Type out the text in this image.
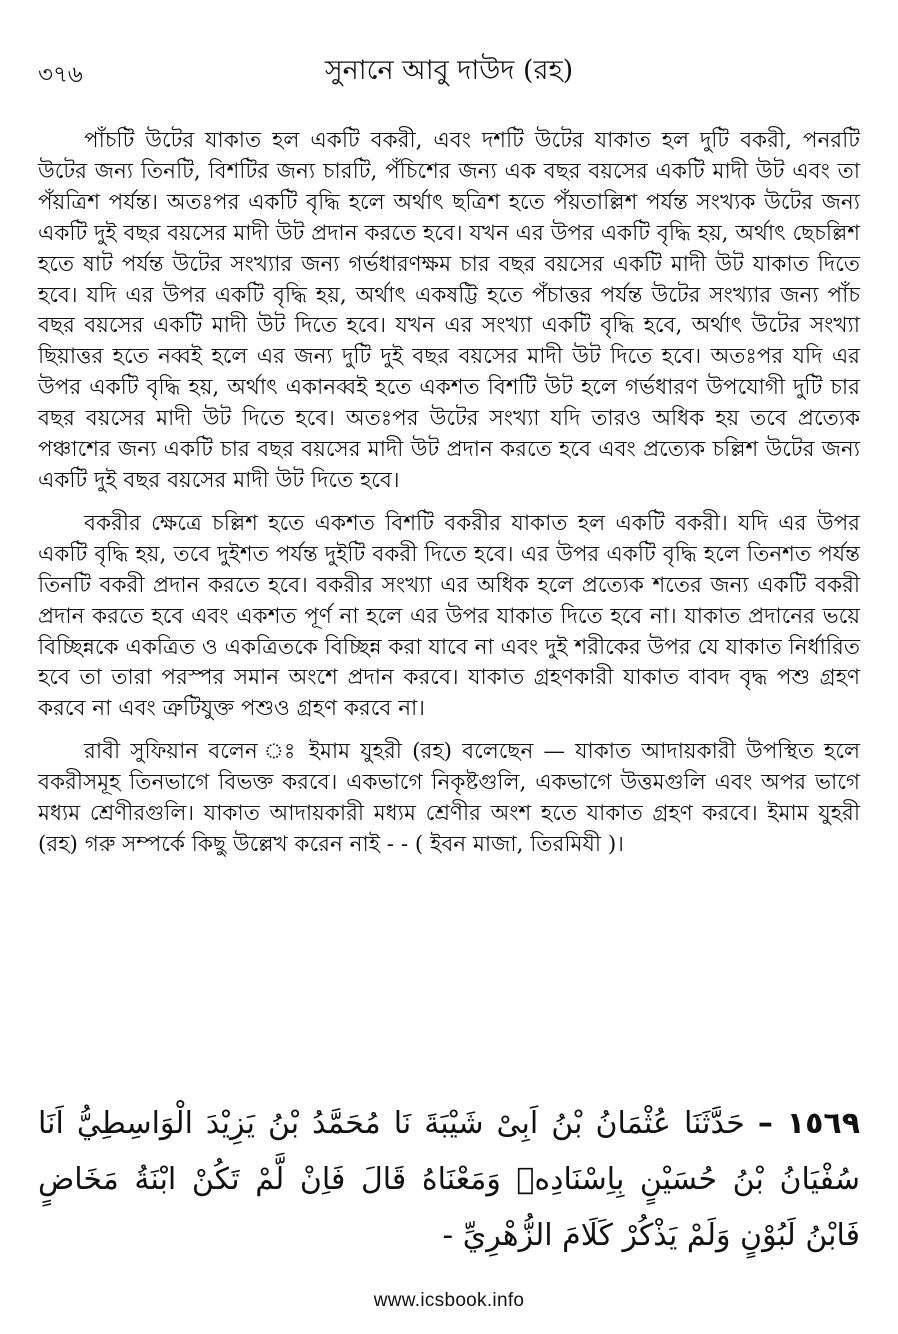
৩৭৬	সুনানে আবু দাউদ (রহ)

পাঁচটি উটের যাকাত হল একটি বকরী, এবং দশটি উটের যাকাত হল দুটি বকরী, পনরটি উটের জন্য তিনটি, বিশটির জন্য চারটি, পঁচিশের জন্য এক বছর বয়সের একটি মাদী উট এবং তা পঁয়ত্রিশ পর্যন্ত। অতঃপর একটি বৃদ্ধি হলে অর্থাৎ ছত্রিশ হতে পঁয়তাল্লিশ পর্যন্ত সংখ্যক উটের জন্য একটি দুই বছর বয়সের মাদী উট প্রদান করতে হবে। যখন এর উপর একটি বৃদ্ধি হয়, অর্থাৎ ছেচল্লিশ হতে ষাট পর্যন্ত উটের সংখ্যার জন্য গর্ভধারণক্ষম চার বছর বয়সের একটি মাদী উট যাকাত দিতে হবে। যদি এর উপর একটি বৃদ্ধি হয়, অর্থাৎ একষট্টি হতে পঁচাত্তর পর্যন্ত উটের সংখ্যার জন্য পাঁচ বছর বয়সের একটি মাদী উট দিতে হবে। যখন এর সংখ্যা একটি বৃদ্ধি হবে, অর্থাৎ উটের সংখ্যা ছিয়াত্তর হতে নব্বই হলে এর জন্য দুটি দুই বছর বয়সের মাদী উট দিতে হবে। অতঃপর যদি এর উপর একটি বৃদ্ধি হয়, অর্থাৎ একানব্বই হতে একশত বিশটি উট হলে গর্ভধারণ উপযোগী দুটি চার বছর বয়সের মাদী উট দিতে হবে। অতঃপর উটের সংখ্যা যদি তারও অধিক হয় তবে প্রত্যেক পঞ্চাশের জন্য একটি চার বছর বয়সের মাদী উট প্রদান করতে হবে এবং প্রত্যেক চল্লিশ উটের জন্য একটি দুই বছর বয়সের মাদী উট দিতে হবে।

বকরীর ক্ষেত্রে চল্লিশ হতে একশত বিশটি বকরীর যাকাত হল একটি বকরী। যদি এর উপর একটি বৃদ্ধি হয়, তবে দুইশত পর্যন্ত দুইটি বকরী দিতে হবে। এর উপর একটি বৃদ্ধি হলে তিনশত পর্যন্ত তিনটি বকরী প্রদান করতে হবে। বকরীর সংখ্যা এর অধিক হলে প্রত্যেক শতের জন্য একটি বকরী প্রদান করতে হবে এবং একশত পূর্ণ না হলে এর উপর যাকাত দিতে হবে না। যাকাত প্রদানের ভয়ে বিচ্ছিন্নকে একত্রিত ও একত্রিতকে বিচ্ছিন্ন করা যাবে না এবং দুই শরীকের উপর যে যাকাত নির্ধারিত হবে তা তারা পরস্পর সমান অংশে প্রদান করবে। যাকাত গ্রহণকারী যাকাত বাবদ বৃদ্ধ পশু গ্রহণ করবে না এবং ত্রুটিযুক্ত পশুও গ্রহণ করবে না।

রাবী সুফিয়ান বলেন ঃ ইমাম যুহরী (রহ) বলেছেন — যাকাত আদায়কারী উপস্থিত হলে বকরীসমূহ তিনভাগে বিভক্ত করবে। একভাগে নিকৃষ্টগুলি, একভাগে উত্তমগুলি এবং অপর ভাগে মধ্যম শ্রেণীরগুলি। যাকাত আদায়কারী মধ্যম শ্রেণীর অংশ হতে যাকাত গ্রহণ করবে। ইমাম যুহরী (রহ) গরু সম্পর্কে কিছু উল্লেখ করেন নাই - - ( ইবন মাজা, তিরমিযী )।

١٥٦٩ – حَدَّثَنَا عُثْمَانُ بْنُ اَبِىْ شَيْبَةَ نَا مُحَمَّدُ بْنُ يَزِيْدَ الْوَاسِطِيُّ اَنَا سُفْيَانُ بْنُ حُسَيْنٍ بِاِسْنَادِهٖ وَمَعْنَاهُ قَالَ فَاِنْ لَّمْ تَكُنْ ابْنَةُ مَخَاضٍ فَابْنُ لَبُوْنٍ وَلَمْ يَذْكُرْ كَلَامَ الزُّهْرِيِّ -
www.icsbook.info
